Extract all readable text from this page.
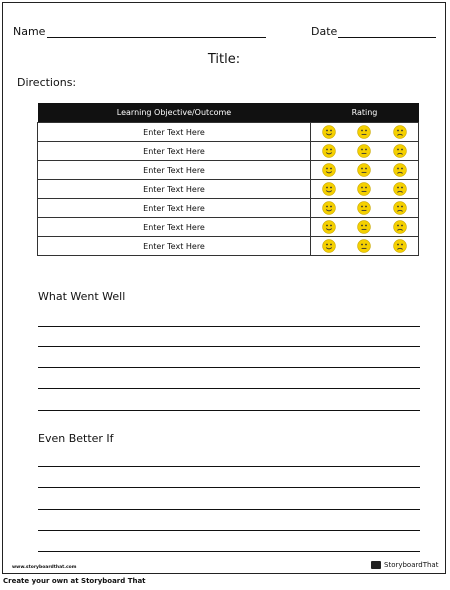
Name	Date
Title:
Directions:
Learning Objective/Outcome	Rating
Enter Text Here	

Enter Text Here	

Enter Text Here	

Enter Text Here	

Enter Text Here	

Enter Text Here	

Enter Text Here	
What Went Well
Even Better If
www.storyboardthat.com	StoryboardThat
Create your own at Storyboard That
